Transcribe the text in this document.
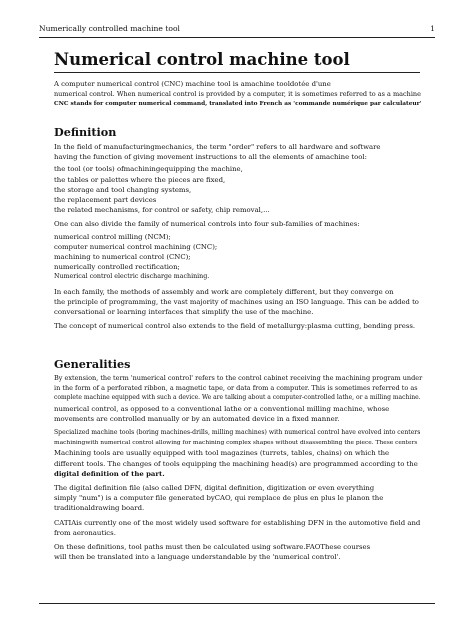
Numerically controlled machine tool	1
Numerical control machine tool

A computer numerical control (CNC) machine tool is amachine tooldotée d'une

numerical control. When numerical control is provided by a computer, it is sometimes referred to as a machine

CNC stands for computer numerical command, translated into French as 'commande numérique par calculateur'

Definition

In the field of manufacturingmechanics, the term "order" refers to all hardware and software

having the function of giving movement instructions to all the elements of amachine tool:

the tool (or tools) ofmachiningequipping the machine,

the tables or palettes where the pieces are fixed,

the storage and tool changing systems,

the replacement part devices

the related mechanisms, for control or safety, chip removal,...

One can also divide the family of numerical controls into four sub-families of machines:

numerical control milling (NCM);

computer numerical control machining (CNC);

machining to numerical control (CNC);

numerically controlled rectification;

Numerical control electric discharge machining.

In each family, the methods of assembly and work are completely different, but they converge on

the principle of programming, the vast majority of machines using an ISO language. This can be added to

conversational or learning interfaces that simplify the use of the machine.

The concept of numerical control also extends to the field of metallurgy:plasma cutting, bending press.

Generalities

By extension, the term 'numerical control' refers to the control cabinet receiving the machining program under

in the form of a perforated ribbon, a magnetic tape, or data from a computer. This is sometimes referred to as

complete machine equipped with such a device. We are talking about a computer-controlled lathe, or a milling machine.

numerical control, as opposed to a conventional lathe or a conventional milling machine, whose

movements are controlled manually or by an automated device in a fixed manner.

Specialized machine tools (boring machines-drills, milling machines) with numerical control have evolved into centers

machiningwith numerical control allowing for machining complex shapes without disassembling the piece. These centers

Machining tools are usually equipped with tool magazines (turrets, tables, chains) on which the

different tools. The changes of tools equipping the machining head(s) are programmed according to the

digital definition of the part.

The digital definition file (also called DFN, digital definition, digitization or even everything

simply "num") is a computer file generated byCAO, qui remplace de plus en plus le planon the

traditionaldrawing board.

CATIAis currently one of the most widely used software for establishing DFN in the automotive field and

from aeronautics.

On these definitions, tool paths must then be calculated using software.FAOThese courses

will then be translated into a language understandable by the 'numerical control'.
